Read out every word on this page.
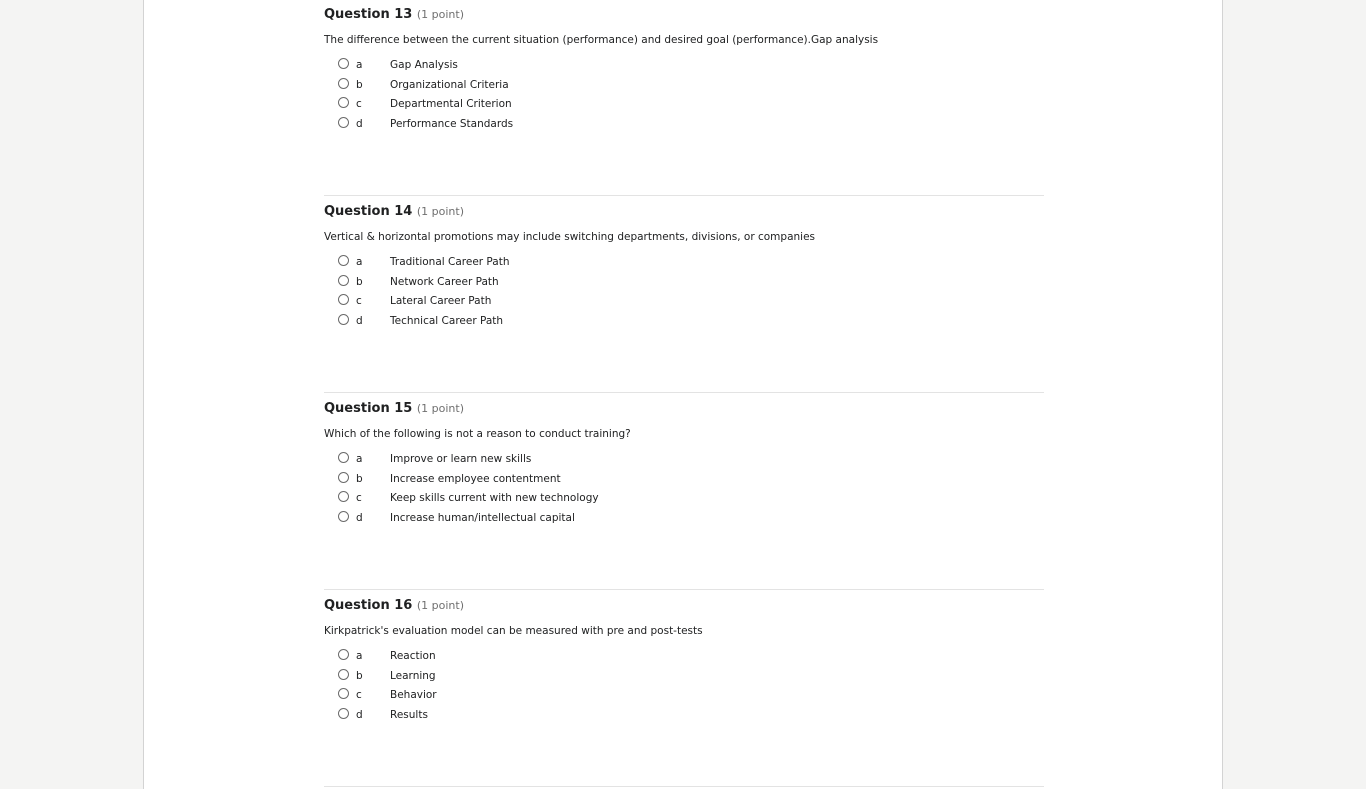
Question 13 (1 point)
The difference between the current situation (performance) and desired goal (performance).Gap analysis
a	Gap Analysis
b	Organizational Criteria
c	Departmental Criterion
d	Performance Standards
Question 14 (1 point)
Vertical & horizontal promotions may include switching departments, divisions, or companies
a	Traditional Career Path
b	Network Career Path
c	Lateral Career Path
d	Technical Career Path
Question 15 (1 point)
Which of the following is not a reason to conduct training?
a	Improve or learn new skills
b	Increase employee contentment
c	Keep skills current with new technology
d	Increase human/intellectual capital
Question 16 (1 point)
Kirkpatrick's evaluation model can be measured with pre and post-tests
a	Reaction
b	Learning
c	Behavior
d	Results
